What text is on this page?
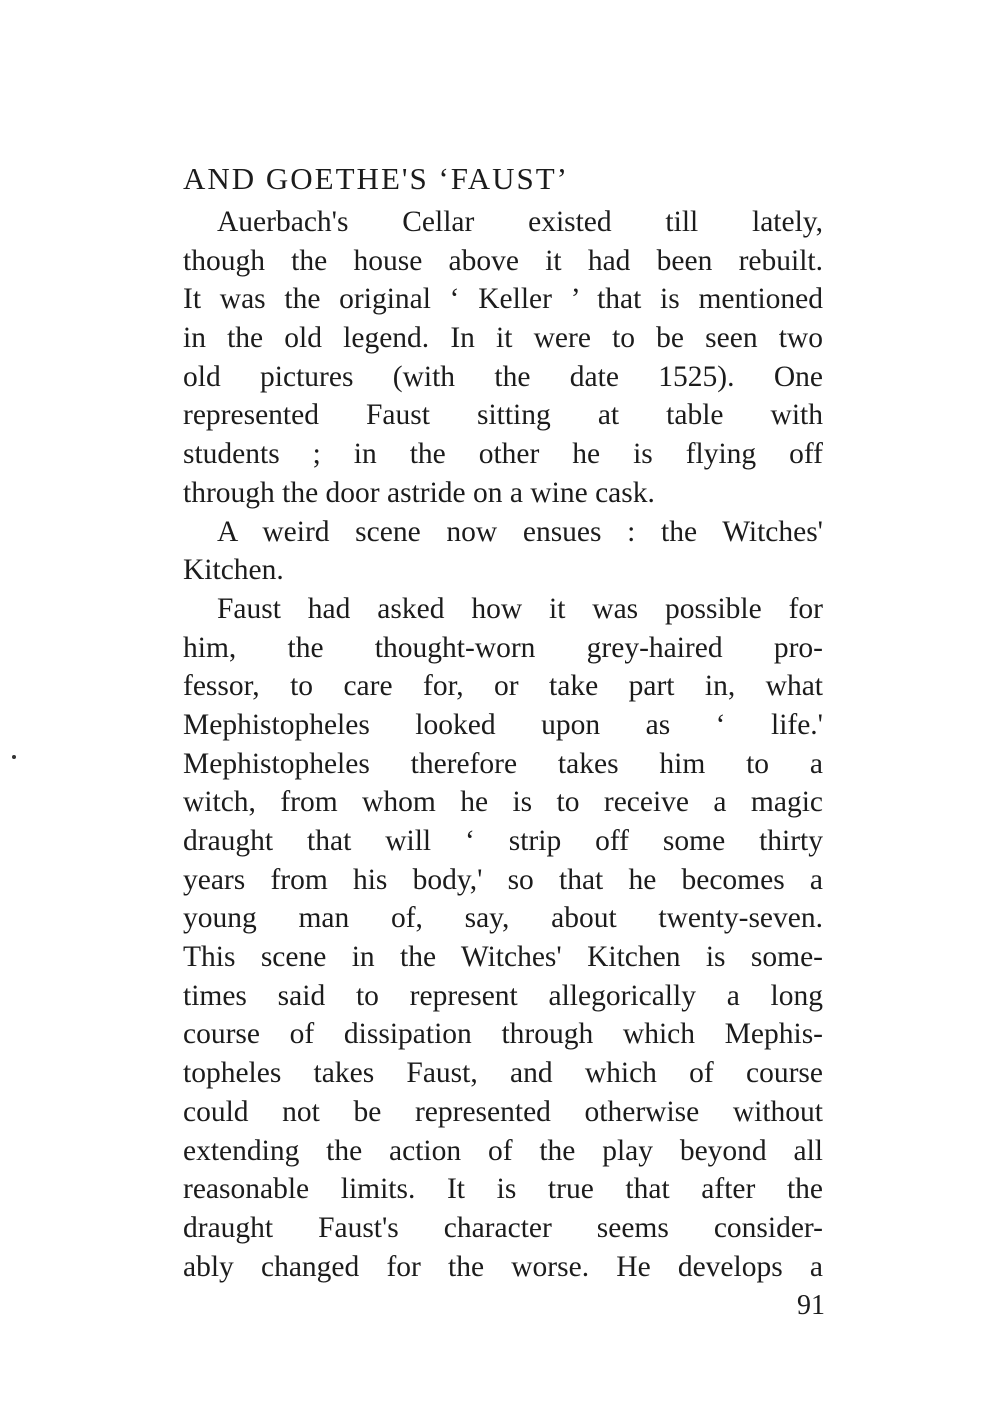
AND GOETHE'S ‘FAUST’
Auerbach's Cellar existed till lately,
though the house above it had been rebuilt.
It was the original ‘ Keller ’ that is mentioned
in the old legend. In it were to be seen two
old pictures (with the date 1525). One
represented Faust sitting at table with
students ; in the other he is flying off
through the door astride on a wine cask.
A weird scene now ensues : the Witches'
Kitchen.
Faust had asked how it was possible for
him, the thought-worn grey-haired pro-
fessor, to care for, or take part in, what
Mephistopheles looked upon as ‘ life.'
Mephistopheles therefore takes him to a
witch, from whom he is to receive a magic
draught that will ‘ strip off some thirty
years from his body,' so that he becomes a
young man of, say, about twenty-seven.
This scene in the Witches' Kitchen is some-
times said to represent allegorically a long
course of dissipation through which Mephis-
topheles takes Faust, and which of course
could not be represented otherwise without
extending the action of the play beyond all
reasonable limits. It is true that after the
draught Faust's character seems consider-
ably changed for the worse. He develops a
91
